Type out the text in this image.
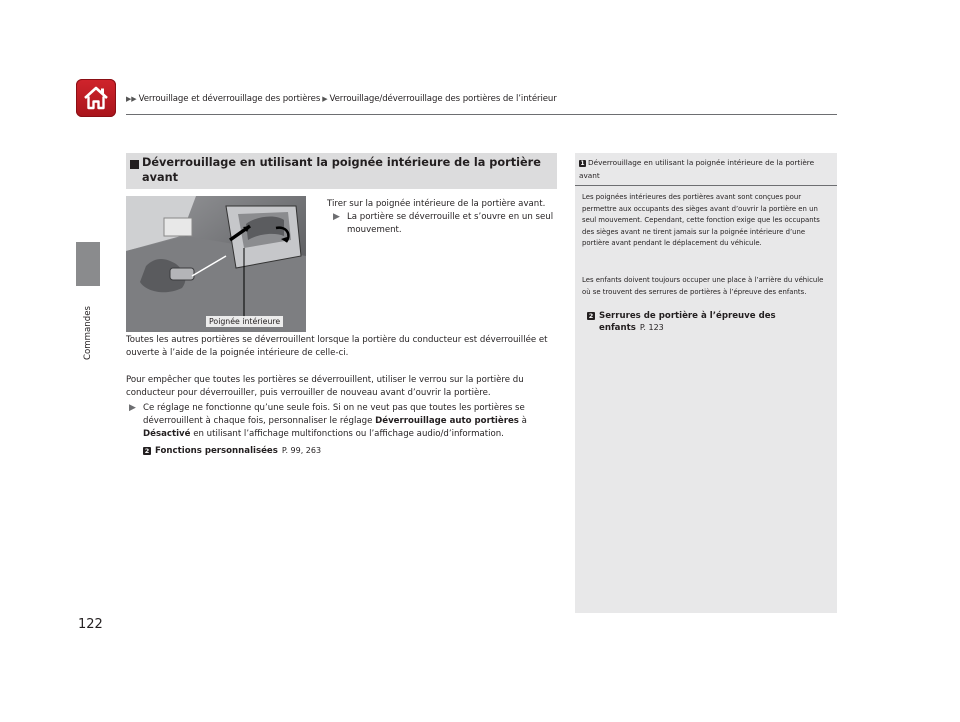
▶▶ Verrouillage et déverrouillage des portières ▶ Verrouillage/déverrouillage des portières de l’intérieur
Commandes
122
Déverrouillage en utilisant la poignée intérieure de la portière avant
Poignée intérieure
Tirer sur la poignée intérieure de la portière avant.
▶ La portière se déverrouille et s’ouvre en un seul mouvement.
Toutes les autres portières se déverrouillent lorsque la portière du conducteur est déverrouillée et ouverte à l’aide de la poignée intérieure de celle-ci.
Pour empêcher que toutes les portières se déverrouillent, utiliser le verrou sur la portière du conducteur pour déverrouiller, puis verrouiller de nouveau avant d’ouvrir la portière.
▶ Ce réglage ne fonctionne qu’une seule fois. Si on ne veut pas que toutes les portières se déverrouillent à chaque fois, personnaliser le réglage Déverrouillage auto portières à Désactivé en utilisant l’affichage multifonctions ou l’affichage audio/d’information.
2 Fonctions personnalisées P. 99, 263
1 Déverrouillage en utilisant la poignée intérieure de la portière avant
Les poignées intérieures des portières avant sont conçues pour permettre aux occupants des sièges avant d’ouvrir la portière en un seul mouvement. Cependant, cette fonction exige que les occupants des sièges avant ne tirent jamais sur la poignée intérieure d’une portière avant pendant le déplacement du véhicule.
Les enfants doivent toujours occuper une place à l’arrière du véhicule où se trouvent des serrures de portières à l’épreuve des enfants.
2 Serrures de portière à l’épreuve des enfants P. 123
